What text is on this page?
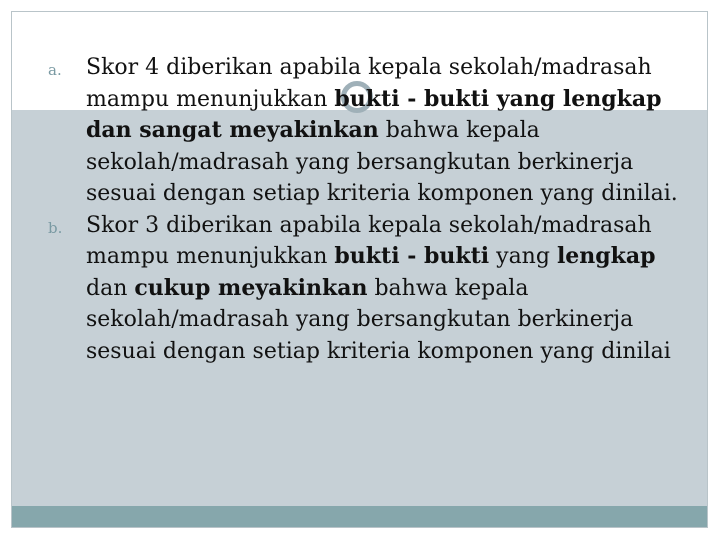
a. Skor 4 diberikan apabila kepala sekolah/madrasah mampu menunjukkan bukti - bukti yang lengkap dan sangat meyakinkan bahwa kepala sekolah/madrasah yang bersangkutan berkinerja sesuai dengan setiap kriteria komponen yang dinilai.
b. Skor 3 diberikan apabila kepala sekolah/madrasah mampu menunjukkan bukti - bukti yang lengkap dan cukup meyakinkan bahwa kepala sekolah/madrasah yang bersangkutan berkinerja sesuai dengan setiap kriteria komponen yang dinilai
